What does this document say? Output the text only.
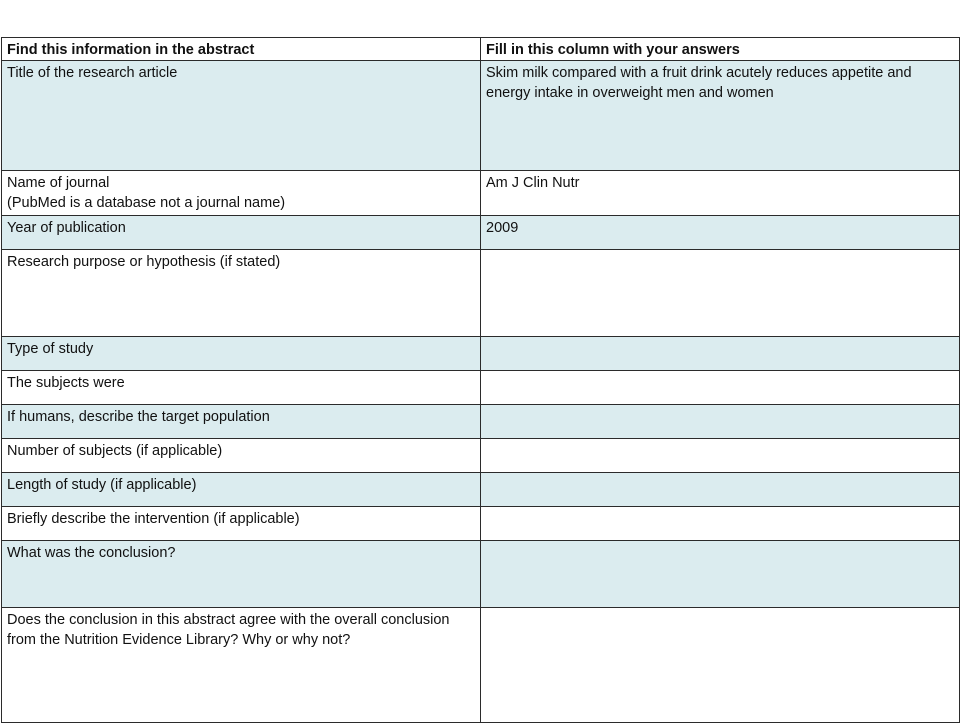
Find this information in the abstract	Fill in this column with your answers

Title of the research article	Skim milk compared with a fruit drink acutely reduces appetite and energy intake in overweight men and women

Name of journal
(PubMed is a database not a journal name)	Am J Clin Nutr

Year of publication	2009

Research purpose or hypothesis (if stated)	

Type of study	

The subjects were	

If humans, describe the target population	

Number of subjects (if applicable)	

Length of study (if applicable)	

Briefly describe the intervention (if applicable)	

What was the conclusion?	

Does the conclusion in this abstract agree with the overall conclusion from the Nutrition Evidence Library? Why or why not?	
